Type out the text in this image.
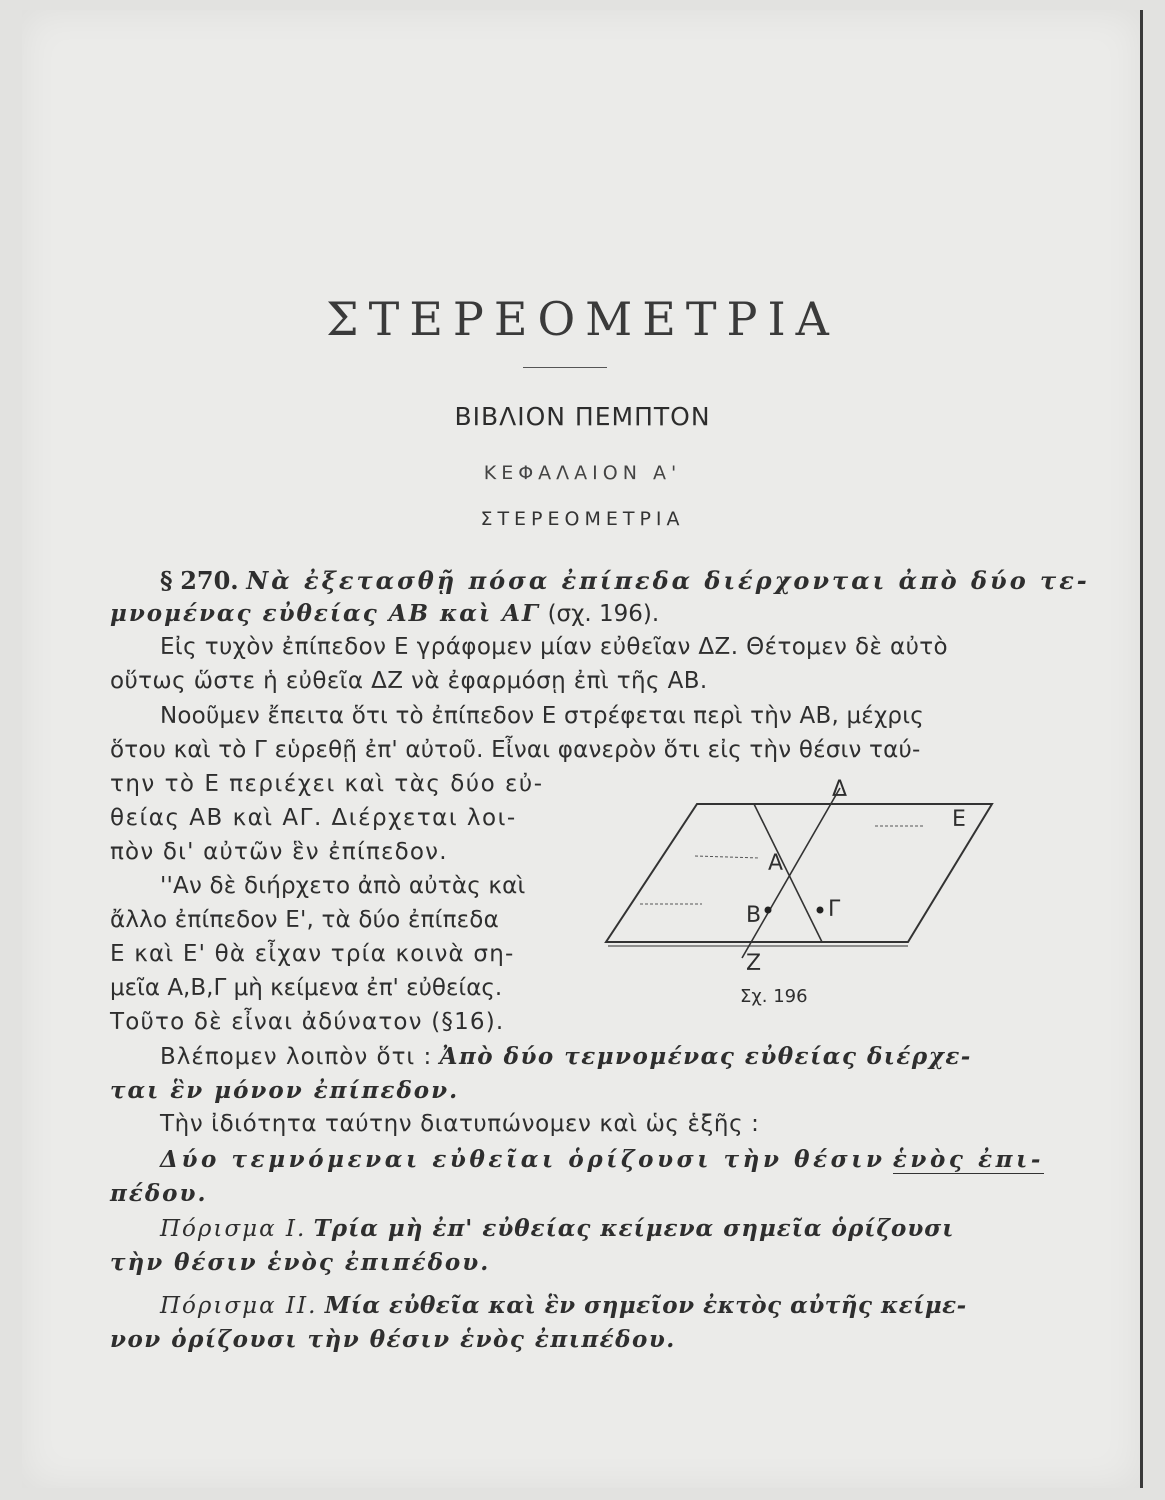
ΣΤΕΡΕΟΜΕΤΡΙΑ
ΒΙΒΛΙΟΝ ΠΕΜΠΤΟΝ
ΚΕΦΑΛΑΙΟΝ Α'
ΣΤΕΡΕΟΜΕΤΡΙΑ
§ 270. Νὰ ἐξετασθῇ πόσα ἐπίπεδα διέρχονται ἀπὸ δύο τε-
μνομένας εὐθείας ΑΒ καὶ ΑΓ (σχ. 196).
Εἰς τυχὸν ἐπίπεδον Ε γράφομεν μίαν εὐθεῖαν ΔΖ. Θέτομεν δὲ αὐτὸ
οὕτως ὥστε ἡ εὐθεῖα ΔΖ νὰ ἐφαρμόσῃ ἐπὶ τῆς ΑΒ.
Νοοῦμεν ἔπειτα ὅτι τὸ ἐπίπεδον Ε στρέφεται περὶ τὴν ΑΒ, μέχρις
ὅτου καὶ τὸ Γ εὑρεθῇ ἐπ' αὐτοῦ. Εἶναι φανερὸν ὅτι εἰς τὴν θέσιν ταύ-
την τὸ Ε περιέχει καὶ τὰς δύο εὐ-
θείας ΑΒ καὶ ΑΓ. Διέρχεται λοι-
πὸν δι' αὐτῶν ἓν ἐπίπεδον.
''Αν δὲ διήρχετο ἀπὸ αὐτὰς καὶ
ἄλλο ἐπίπεδον Ε', τὰ δύο ἐπίπεδα
Ε καὶ Ε' θὰ εἶχαν τρία κοινὰ ση-
μεῖα Α,Β,Γ μὴ κείμενα ἐπ' εὐθείας.
Τοῦτο δὲ εἶναι ἀδύνατον (§16).
Βλέπομεν λοιπὸν ὅτι : Ἀπὸ δύο τεμνομένας εὐθείας διέρχε-
ται ἓν μόνον ἐπίπεδον.
Τὴν ἰδιότητα ταύτην διατυπώνομεν καὶ ὡς ἑξῆς :
Δύο τεμνόμεναι εὐθεῖαι ὁρίζουσι τὴν θέσιν ἑνὸς ἐπι-
πέδου.
Πόρισμα Ι. Τρία μὴ ἐπ' εὐθείας κείμενα σημεῖα ὁρίζουσι
τὴν θέσιν ἑνὸς ἐπιπέδου.
Πόρισμα ΙΙ. Μία εὐθεῖα καὶ ἓν σημεῖον ἐκτὸς αὐτῆς κείμε-
νον ὁρίζουσι τὴν θέσιν ἑνὸς ἐπιπέδου.
Δ
Ε
Α
Β	Γ
Ζ
Σχ. 196
